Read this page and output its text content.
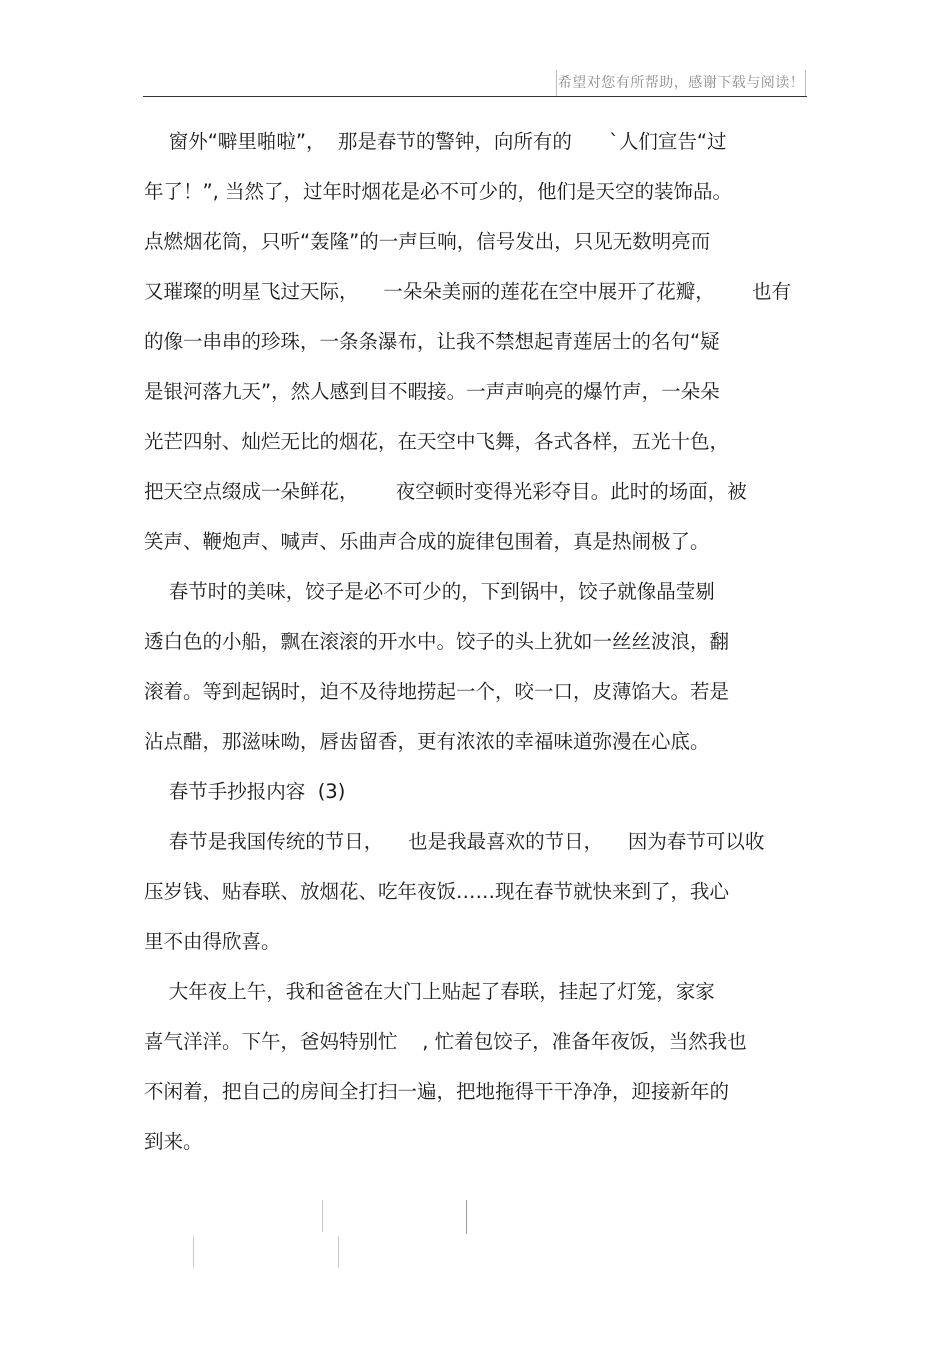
希望对您有所帮助，感谢下载与阅读！
窗外“噼里啪啦”，  那是春节的警钟，向所有的      `人们宣告“过
年了！”, 当然了，过年时烟花是必不可少的，他们是天空的装饰品。
点燃烟花筒，只听“轰隆”的一声巨响，信号发出，只见无数明亮而
又璀璨的明星飞过天际，    一朵朵美丽的莲花在空中展开了花瓣，      也有
的像一串串的珍珠，一条条瀑布，让我不禁想起青莲居士的名句“疑
是银河落九天”，然人感到目不暇接。一声声响亮的爆竹声，一朵朵
光芒四射、灿烂无比的烟花，在天空中飞舞，各式各样，五光十色，
把天空点缀成一朵鲜花，      夜空顿时变得光彩夺目。此时的场面，被
笑声、鞭炮声、喊声、乐曲声合成的旋律包围着，真是热闹极了。
春节时的美味，饺子是必不可少的，下到锅中，饺子就像晶莹剔
透白色的小船，飘在滚滚的开水中。饺子的头上犹如一丝丝波浪，翻
滚着。等到起锅时，迫不及待地捞起一个，咬一口，皮薄馅大。若是
沾点醋，那滋味呦，唇齿留香，更有浓浓的幸福味道弥漫在心底。
春节手抄报内容  (3)
春节是我国传统的节日，    也是我最喜欢的节日，    因为春节可以收
压岁钱、贴春联、放烟花、吃年夜饭……现在春节就快来到了，我心
里不由得欣喜。
大年夜上午，我和爸爸在大门上贴起了春联，挂起了灯笼，家家
喜气洋洋。下午，爸妈特别忙    , 忙着包饺子，准备年夜饭，当然我也
不闲着，把自己的房间全打扫一遍，把地拖得干干净净，迎接新年的
到来。
